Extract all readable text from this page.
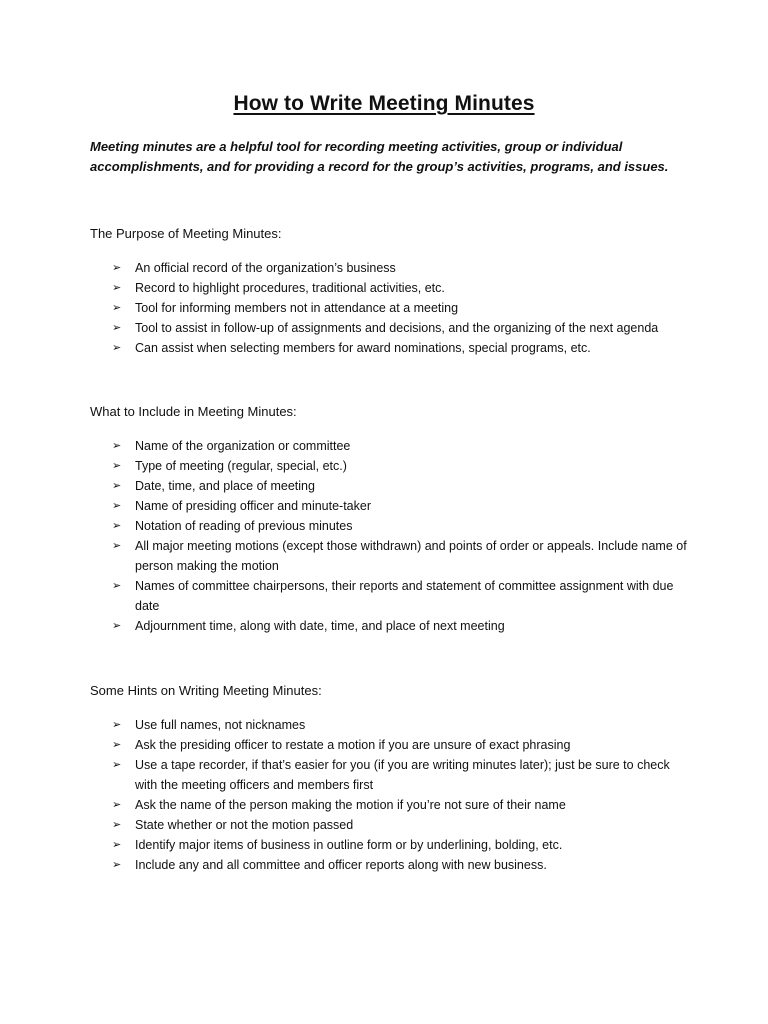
How to Write Meeting Minutes
Meeting minutes are a helpful tool for recording meeting activities, group or individual accomplishments, and for providing a record for the group’s activities, programs, and issues.

The Purpose of Meeting Minutes:

➢ An official record of the organization’s business
➢ Record to highlight procedures, traditional activities, etc.
➢ Tool for informing members not in attendance at a meeting
➢ Tool to assist in follow-up of assignments and decisions, and the organizing of the next agenda
➢ Can assist when selecting members for award nominations, special programs, etc.

What to Include in Meeting Minutes:

➢ Name of the organization or committee
➢ Type of meeting (regular, special, etc.)
➢ Date, time, and place of meeting
➢ Name of presiding officer and minute-taker
➢ Notation of reading of previous minutes
➢ All major meeting motions (except those withdrawn) and points of order or appeals. Include name of person making the motion
➢ Names of committee chairpersons, their reports and statement of committee assignment with due date
➢ Adjournment time, along with date, time, and place of next meeting

Some Hints on Writing Meeting Minutes:

➢ Use full names, not nicknames
➢ Ask the presiding officer to restate a motion if you are unsure of exact phrasing
➢ Use a tape recorder, if that’s easier for you (if you are writing minutes later); just be sure to check with the meeting officers and members first
➢ Ask the name of the person making the motion if you’re not sure of their name
➢ State whether or not the motion passed
➢ Identify major items of business in outline form or by underlining, bolding, etc.
➢ Include any and all committee and officer reports along with new business.
